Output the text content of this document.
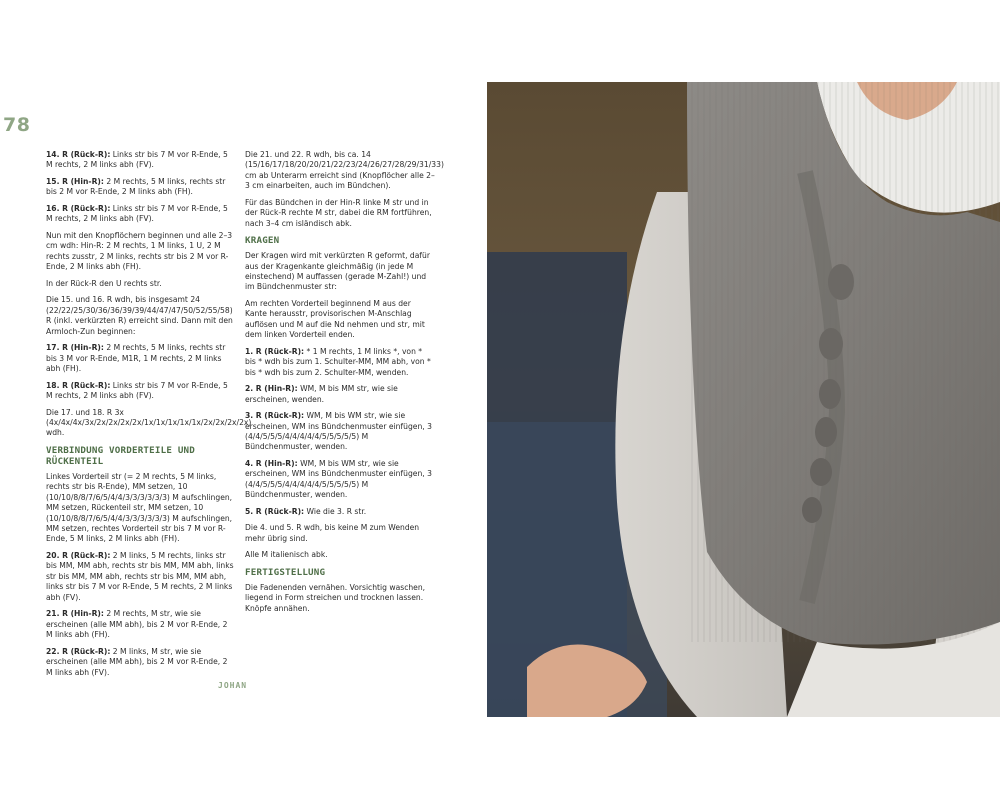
78

14. R (Rück-R): Links str bis 7 M vor R-Ende, 5 M rechts, 2 M links abh (FV).

15. R (Hin-R): 2 M rechts, 5 M links, rechts str bis 2 M vor R-Ende, 2 M links abh (FH).

16. R (Rück-R): Links str bis 7 M vor R-Ende, 5 M rechts, 2 M links abh (FV).

Nun mit den Knopflöchern beginnen und alle 2–3 cm wdh: Hin-R: 2 M rechts, 1 M links, 1 U, 2 M rechts zusstr, 2 M links, rechts str bis 2 M vor R-Ende, 2 M links abh (FH).

In der Rück-R den U rechts str.

Die 15. und 16. R wdh, bis insgesamt 24 (22/22/25/30/36/36/39/39/44/47/47/50/52/55/58) R (inkl. verkürzten R) erreicht sind. Dann mit den Armloch-Zun beginnen:

17. R (Hin-R): 2 M rechts, 5 M links, rechts str bis 3 M vor R-Ende, M1R, 1 M rechts, 2 M links abh (FH).

18. R (Rück-R): Links str bis 7 M vor R-Ende, 5 M rechts, 2 M links abh (FV).

Die 17. und 18. R 3x (4x/4x/4x/3x/2x/2x/2x/2x/1x/1x/1x/1x/1x/2x/2x/2x/2x) wdh.

VERBINDUNG VORDERTEILE UND RÜCKENTEIL

Linkes Vorderteil str (= 2 M rechts, 5 M links, rechts str bis R-Ende), MM setzen, 10 (10/10/8/8/7/6/5/4/4/3/3/3/3/3/3) M aufschlingen, MM setzen, Rückenteil str, MM setzen, 10 (10/10/8/8/7/6/5/4/4/3/3/3/3/3/3) M aufschlingen, MM setzen, rechtes Vorderteil str bis 7 M vor R-Ende, 5 M links, 2 M links abh (FH).

20. R (Rück-R): 2 M links, 5 M rechts, links str bis MM, MM abh, rechts str bis MM, MM abh, links str bis MM, MM abh, rechts str bis MM, MM abh, links str bis 7 M vor R-Ende, 5 M rechts, 2 M links abh (FV).

21. R (Hin-R): 2 M rechts, M str, wie sie erscheinen (alle MM abh), bis 2 M vor R-Ende, 2 M links abh (FH).

22. R (Rück-R): 2 M links, M str, wie sie erscheinen (alle MM abh), bis 2 M vor R-Ende, 2 M links abh (FV).

Die 21. und 22. R wdh, bis ca. 14 (15/16/17/18/20/20/21/22/23/24/26/27/28/29/31/33) cm ab Unterarm erreicht sind (Knopflöcher alle 2–3 cm einarbeiten, auch im Bündchen).

Für das Bündchen in der Hin-R linke M str und in der Rück-R rechte M str, dabei die RM fortführen, nach 3–4 cm isländisch abk.

KRAGEN

Der Kragen wird mit verkürzten R geformt, dafür aus der Kragenkante gleichmäßig (in jede M einstechend) M auffassen (gerade M-Zahl!) und im Bündchenmuster str:

Am rechten Vorderteil beginnend M aus der Kante herausstr, provisorischen M-Anschlag auflösen und M auf die Nd nehmen und str, mit dem linken Vorderteil enden.

1. R (Rück-R): * 1 M rechts, 1 M links *, von * bis * wdh bis zum 1. Schulter-MM, MM abh, von * bis * wdh bis zum 2. Schulter-MM, wenden.

2. R (Hin-R): WM, M bis MM str, wie sie erscheinen, wenden.

3. R (Rück-R): WM, M bis WM str, wie sie erscheinen, WM ins Bündchenmuster einfügen, 3 (4/4/5/5/5/4/4/4/4/4/5/5/5/5/5) M Bündchenmuster, wenden.

4. R (Hin-R): WM, M bis WM str, wie sie erscheinen, WM ins Bündchenmuster einfügen, 3 (4/4/5/5/5/4/4/4/4/4/5/5/5/5/5) M Bündchenmuster, wenden.

5. R (Rück-R): Wie die 3. R str.

Die 4. und 5. R wdh, bis keine M zum Wenden mehr übrig sind.

Alle M italienisch abk.

FERTIGSTELLUNG

Die Fadenenden vernähen. Vorsichtig waschen, liegend in Form streichen und trocknen lassen. Knöpfe annähen.

JOHAN
